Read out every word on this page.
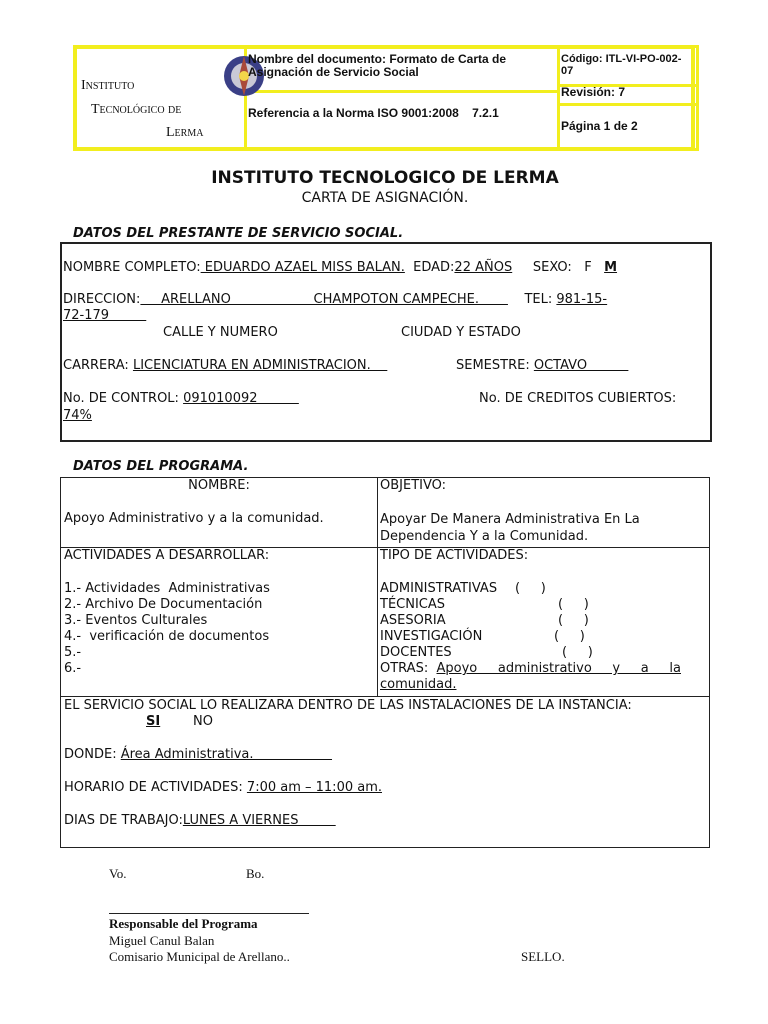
Instituto
Tecnológico de
Lerma
Nombre del documento: Formato de Carta de Asignación de Servicio Social
Referencia a la Norma ISO 9001:2008    7.2.1
Código: ITL-VI-PO-002-07
Revisión: 7
Página 1 de 2
INSTITUTO TECNOLOGICO DE LERMA
CARTA DE ASIGNACIÓN.
DATOS DEL PRESTANTE DE SERVICIO SOCIAL.
NOMBRE COMPLETO: EDUARDO AZAEL MISS BALAN. EDAD:22 AÑOS SEXO:   F M
DIRECCION:     ARELLANO                    CHAMPOTON CAMPECHE.           TEL: 981-15-
72-179
CALLE Y NUMERO	CIUDAD Y ESTADO
CARRERA: LICENCIATURA EN ADMINISTRACION.	SEMESTRE: OCTAVO
No. DE CONTROL: 091010092	No. DE CREDITOS CUBIERTOS:
74%
DATOS DEL PROGRAMA.
NOMBRE:
Apoyo Administrativo y a la comunidad.
OBJETIVO:
Apoyar De Manera Administrativa En La Dependencia Y a la Comunidad.
ACTIVIDADES A DESARROLLAR:
1.- Actividades  Administrativas
2.- Archivo De Documentación
3.- Eventos Culturales
4.-  verificación de documentos
5.-
6.-
TIPO DE ACTIVIDADES:
ADMINISTRATIVAS (     )
TÉCNICAS	(     )
ASESORIA	(     )
INVESTIGACIÓN	(     )
DOCENTES	(     )
OTRAS: Apoyo     administrativo     y     a     la
comunidad.
EL SERVICIO SOCIAL LO REALIZARA DENTRO DE LAS INSTALACIONES DE LA INSTANCIA:
SI	NO
DONDE: Área Administrativa.
HORARIO DE ACTIVIDADES: 7:00 am – 11:00 am.
DIAS DE TRABAJO:LUNES A VIERNES
Vo.	Bo.
Responsable del Programa
Miguel Canul Balan
Comisario Municipal de Arellano..	SELLO.
